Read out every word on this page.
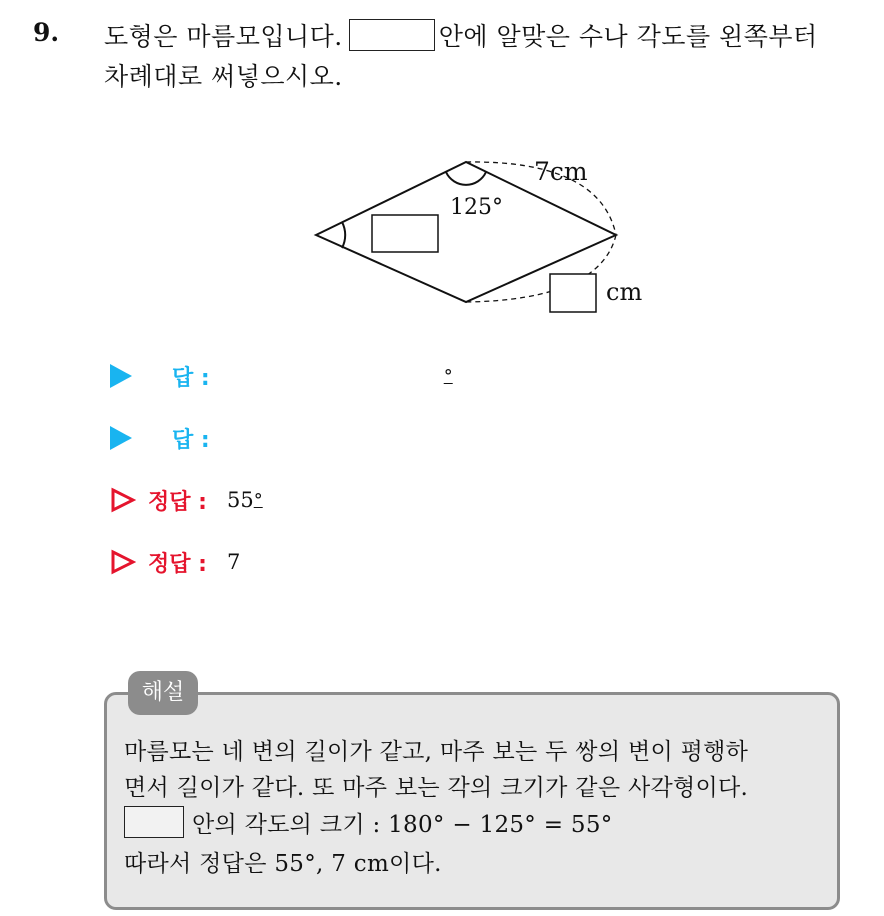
9. 도형은 마름모입니다.	안에 알맞은 수나 각도를 왼쪽부터
차례대로 써넣으시오.
125°
7cm
cm
답 :	°
답 :
정답 : 55 °
정답 : 7
해설
마름모는 네 변의 길이가 같고, 마주 보는 두 쌍의 변이 평행하
면서 길이가 같다. 또 마주 보는 각의 크기가 같은 사각형이다.
안의 각도의 크기 : 180° − 125° = 55°
따라서 정답은 55°, 7 cm이다.
